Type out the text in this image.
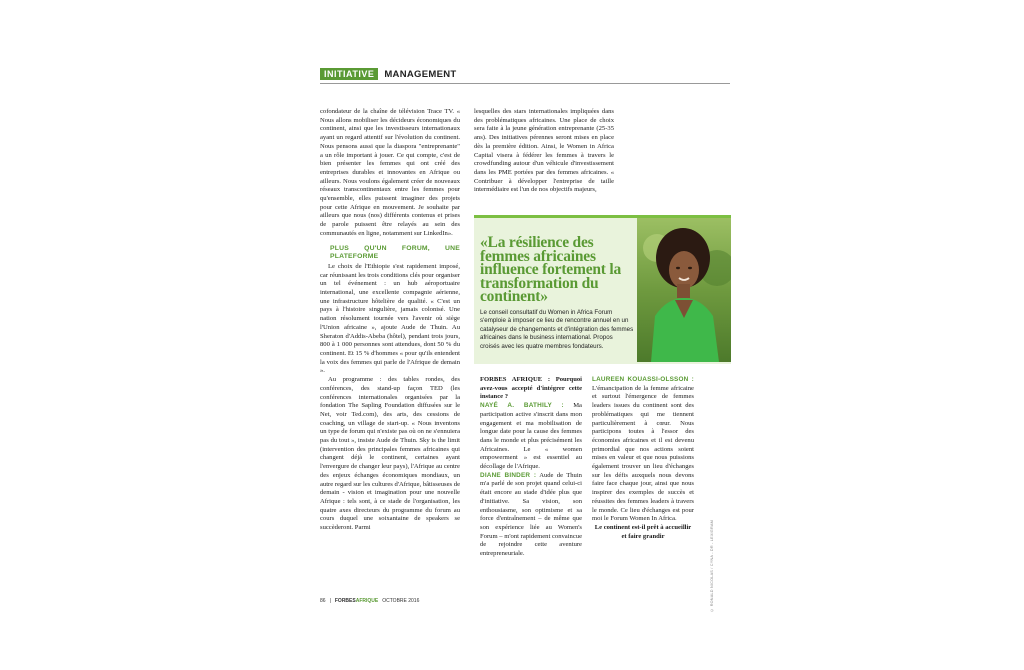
INITIATIVE	MANAGEMENT

cofondateur de la chaîne de télévision Trace TV. « Nous allons mobiliser les décideurs économiques du continent, ainsi que les investisseurs internationaux ayant un regard attentif sur l'évolution du continent. Nous pensons aussi que la diaspora "entreprenante" a un rôle important à jouer. Ce qui compte, c'est de bien présenter les femmes qui ont créé des entreprises durables et innovantes en Afrique ou ailleurs. Nous voulons également créer de nouveaux réseaux transcontinentaux entre les femmes pour qu'ensemble, elles puissent imaginer des projets pour cette Afrique en mouvement. Je souhaite par ailleurs que nous (nos) différents contenus et prises de parole puissent être relayés au sein des communautés en ligne, notamment sur LinkedIn».

PLUS QU'UN FORUM, UNE PLATEFORME

Le choix de l'Ethiopie s'est rapidement imposé, car réunissant les trois conditions clés pour organiser un tel événement : un hub aéroportuaire international, une excellente compagnie aérienne, une infrastructure hôtelière de qualité. « C'est un pays à l'histoire singulière, jamais colonisé. Une nation résolument tournée vers l'avenir où siège l'Union africaine », ajoute Aude de Thuin. Au Sheraton d'Addis-Abeba (hôtel), pendant trois jours, 800 à 1 000 personnes sont attendues, dont 50 % du continent. Et 15 % d'hommes « pour qu'ils entendent la voix des femmes qui parle de l'Afrique de demain ».

Au programme : des tables rondes, des conférences, des stand-up façon TED (les conférences internationales organisées par la fondation The Sapling Foundation diffusées sur le Net, voir Ted.com), des arts, des cessions de coaching, un village de start-up. « Nous inventons un type de forum qui n'existe pas où on ne s'ennuiera pas du tout », insiste Aude de Thuin. Sky is the limit (intervention des principales femmes africaines qui changent déjà le continent, certaines ayant l'envergure de changer leur pays), l'Afrique au centre des enjeux échanges économiques mondiaux, un autre regard sur les cultures d'Afrique, bâtisseuses de demain - vision et imagination pour une nouvelle Afrique : tels sont, à ce stade de l'organisation, les quatre axes directeurs du programme du forum au cours duquel une soixantaine de speakers se succèderont. Parmi

lesquelles des stars internationales impliquées dans des problématiques africaines. Une place de choix sera faite à la jeune génération entreprenante (25-35 ans). Des initiatives pérennes seront mises en place dès la première édition. Ainsi, le Women in Africa Capital visera à fédérer les femmes à travers le crowdfunding autour d'un véhicule d'investissement dans les PME portées par des femmes africaines. « Contribuer à développer l'entreprise de taille intermédiaire est l'un de nos objectifs majeurs,

«La résilience des femmes africaines influence fortement la transformation du continent»
Le conseil consultatif du Women in Africa Forum s'emploie à imposer ce lieu de rencontre annuel en un catalyseur de changements et d'intégration des femmes africaines dans le business international. Propos croisés avec les quatre membres fondateurs.

FORBES AFRIQUE : Pourquoi avez-vous accepté d'intégrer cette instance ?

NAYÉ A. BATHILY : Ma participation active s'inscrit dans mon engagement et ma mobilisation de longue date pour la cause des femmes dans le monde et plus précisément les Africaines. Le « women empowerment » est essentiel au décollage de l'Afrique.

DIANE BINDER : Aude de Thuin m'a parlé de son projet quand celui-ci était encore au stade d'idée plus que d'initiative. Sa vision, son enthousiasme, son optimisme et sa force d'entraînement – de même que son expérience liée au Women's Forum – m'ont rapidement convaincue de rejoindre cette aventure entrepreneuriale.

LAUREEN KOUASSI-OLSSON : L'émancipation de la femme africaine et surtout l'émergence de femmes leaders issues du continent sont des problématiques qui me tiennent particulièrement à cœur. Nous participons toutes à l'essor des économies africaines et il est devenu primordial que nos actions soient mises en valeur et que nous puissions également trouver un lieu d'échanges sur les défis auxquels nous devons faire face chaque jour, ainsi que nous inspirer des exemples de succès et réussites des femmes leaders à travers le monde. Ce lieu d'échanges est pour moi le Forum Women In Africa.

Le continent est-il prêt à accueillir et faire grandir	© RONALD NICOLAS / CYNA - DR - LEXIGRAM
86 | FORBESAFRIQUE OCTOBRE 2016
